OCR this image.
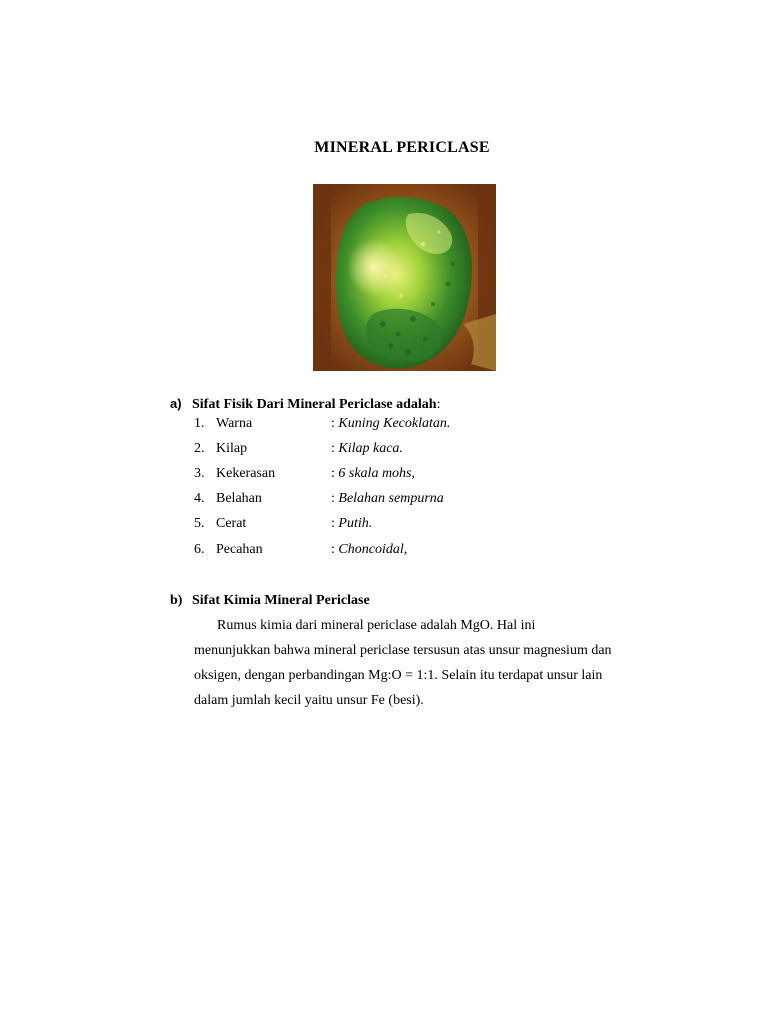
MINERAL PERICLASE
a) Sifat Fisik Dari Mineral Periclase adalah:
1. Warna	: Kuning Kecoklatan.
2. Kilap	: Kilap kaca.
3. Kekerasan	: 6 skala mohs,
4. Belahan	: Belahan sempurna
5. Cerat	: Putih.
6. Pecahan	: Choncoidal,
b) Sifat Kimia Mineral Periclase
Rumus kimia dari mineral periclase adalah MgO. Hal ini
menunjukkan bahwa mineral periclase tersusun atas unsur magnesium dan
oksigen, dengan perbandingan Mg:O = 1:1. Selain itu terdapat unsur lain
dalam jumlah kecil yaitu unsur Fe (besi).
